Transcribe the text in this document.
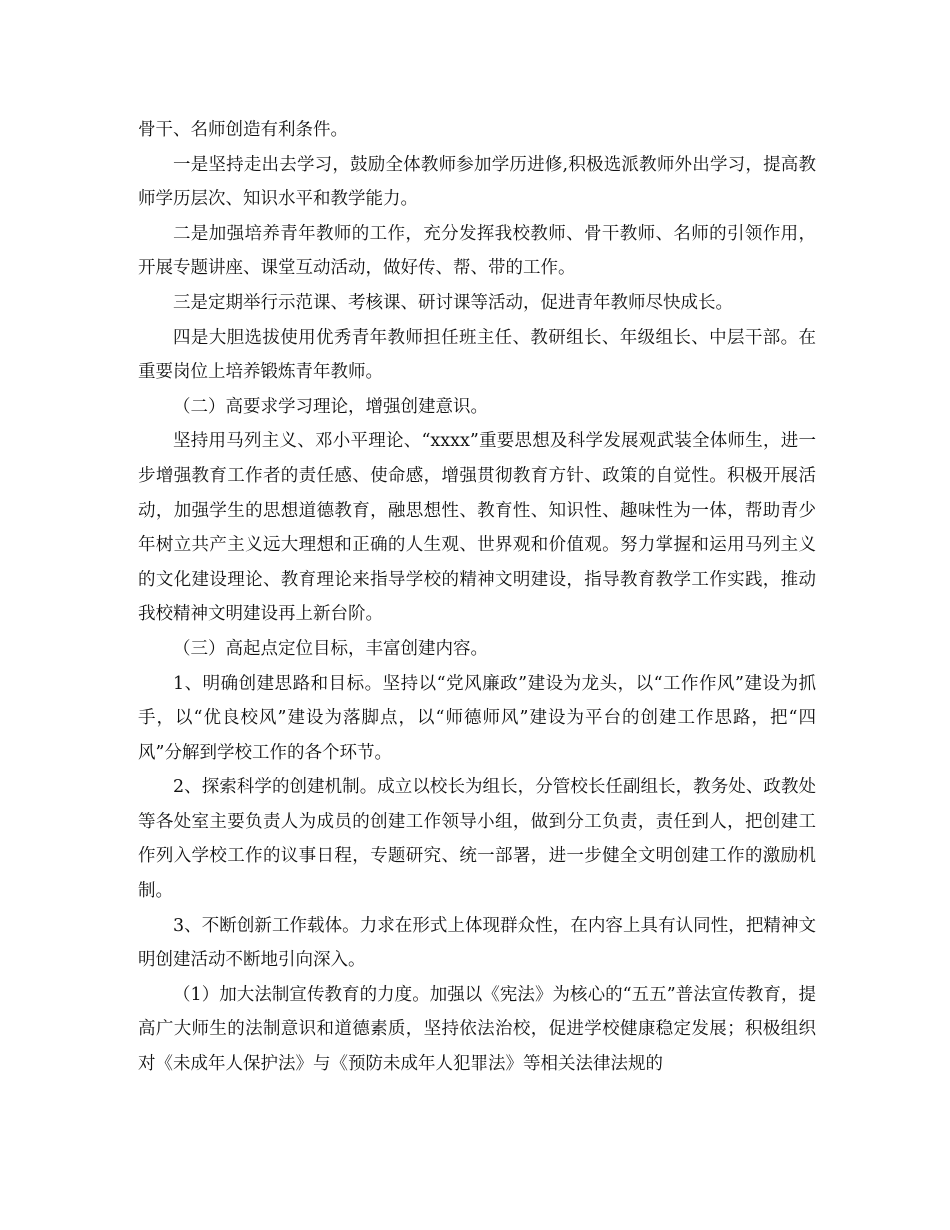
骨干、名师创造有利条件。

一是坚持走出去学习，鼓励全体教师参加学历进修,积极选派教师外出学习，提高教师学历层次、知识水平和教学能力。

二是加强培养青年教师的工作，充分发挥我校教师、骨干教师、名师的引领作用，开展专题讲座、课堂互动活动，做好传、帮、带的工作。

三是定期举行示范课、考核课、研讨课等活动，促进青年教师尽快成长。

四是大胆选拔使用优秀青年教师担任班主任、教研组长、年级组长、中层干部。在重要岗位上培养锻炼青年教师。

（二）高要求学习理论，增强创建意识。

坚持用马列主义、邓小平理论、“xxxx”重要思想及科学发展观武装全体师生，进一步增强教育工作者的责任感、使命感，增强贯彻教育方针、政策的自觉性。积极开展活动，加强学生的思想道德教育，融思想性、教育性、知识性、趣味性为一体，帮助青少年树立共产主义远大理想和正确的人生观、世界观和价值观。努力掌握和运用马列主义的文化建设理论、教育理论来指导学校的精神文明建设，指导教育教学工作实践，推动我校精神文明建设再上新台阶。

（三）高起点定位目标，丰富创建内容。

1、明确创建思路和目标。坚持以“党风廉政”建设为龙头，以“工作作风”建设为抓手，以“优良校风”建设为落脚点，以“师德师风”建设为平台的创建工作思路，把“四风”分解到学校工作的各个环节。

2、探索科学的创建机制。成立以校长为组长，分管校长任副组长，教务处、政教处等各处室主要负责人为成员的创建工作领导小组，做到分工负责，责任到人，把创建工作列入学校工作的议事日程，专题研究、统一部署，进一步健全文明创建工作的激励机制。

3、不断创新工作载体。力求在形式上体现群众性，在内容上具有认同性，把精神文明创建活动不断地引向深入。

（1）加大法制宣传教育的力度。加强以《宪法》为核心的“五五”普法宣传教育，提高广大师生的法制意识和道德素质，坚持依法治校，促进学校健康稳定发展；积极组织对《未成年人保护法》与《预防未成年人犯罪法》等相关法律法规的
